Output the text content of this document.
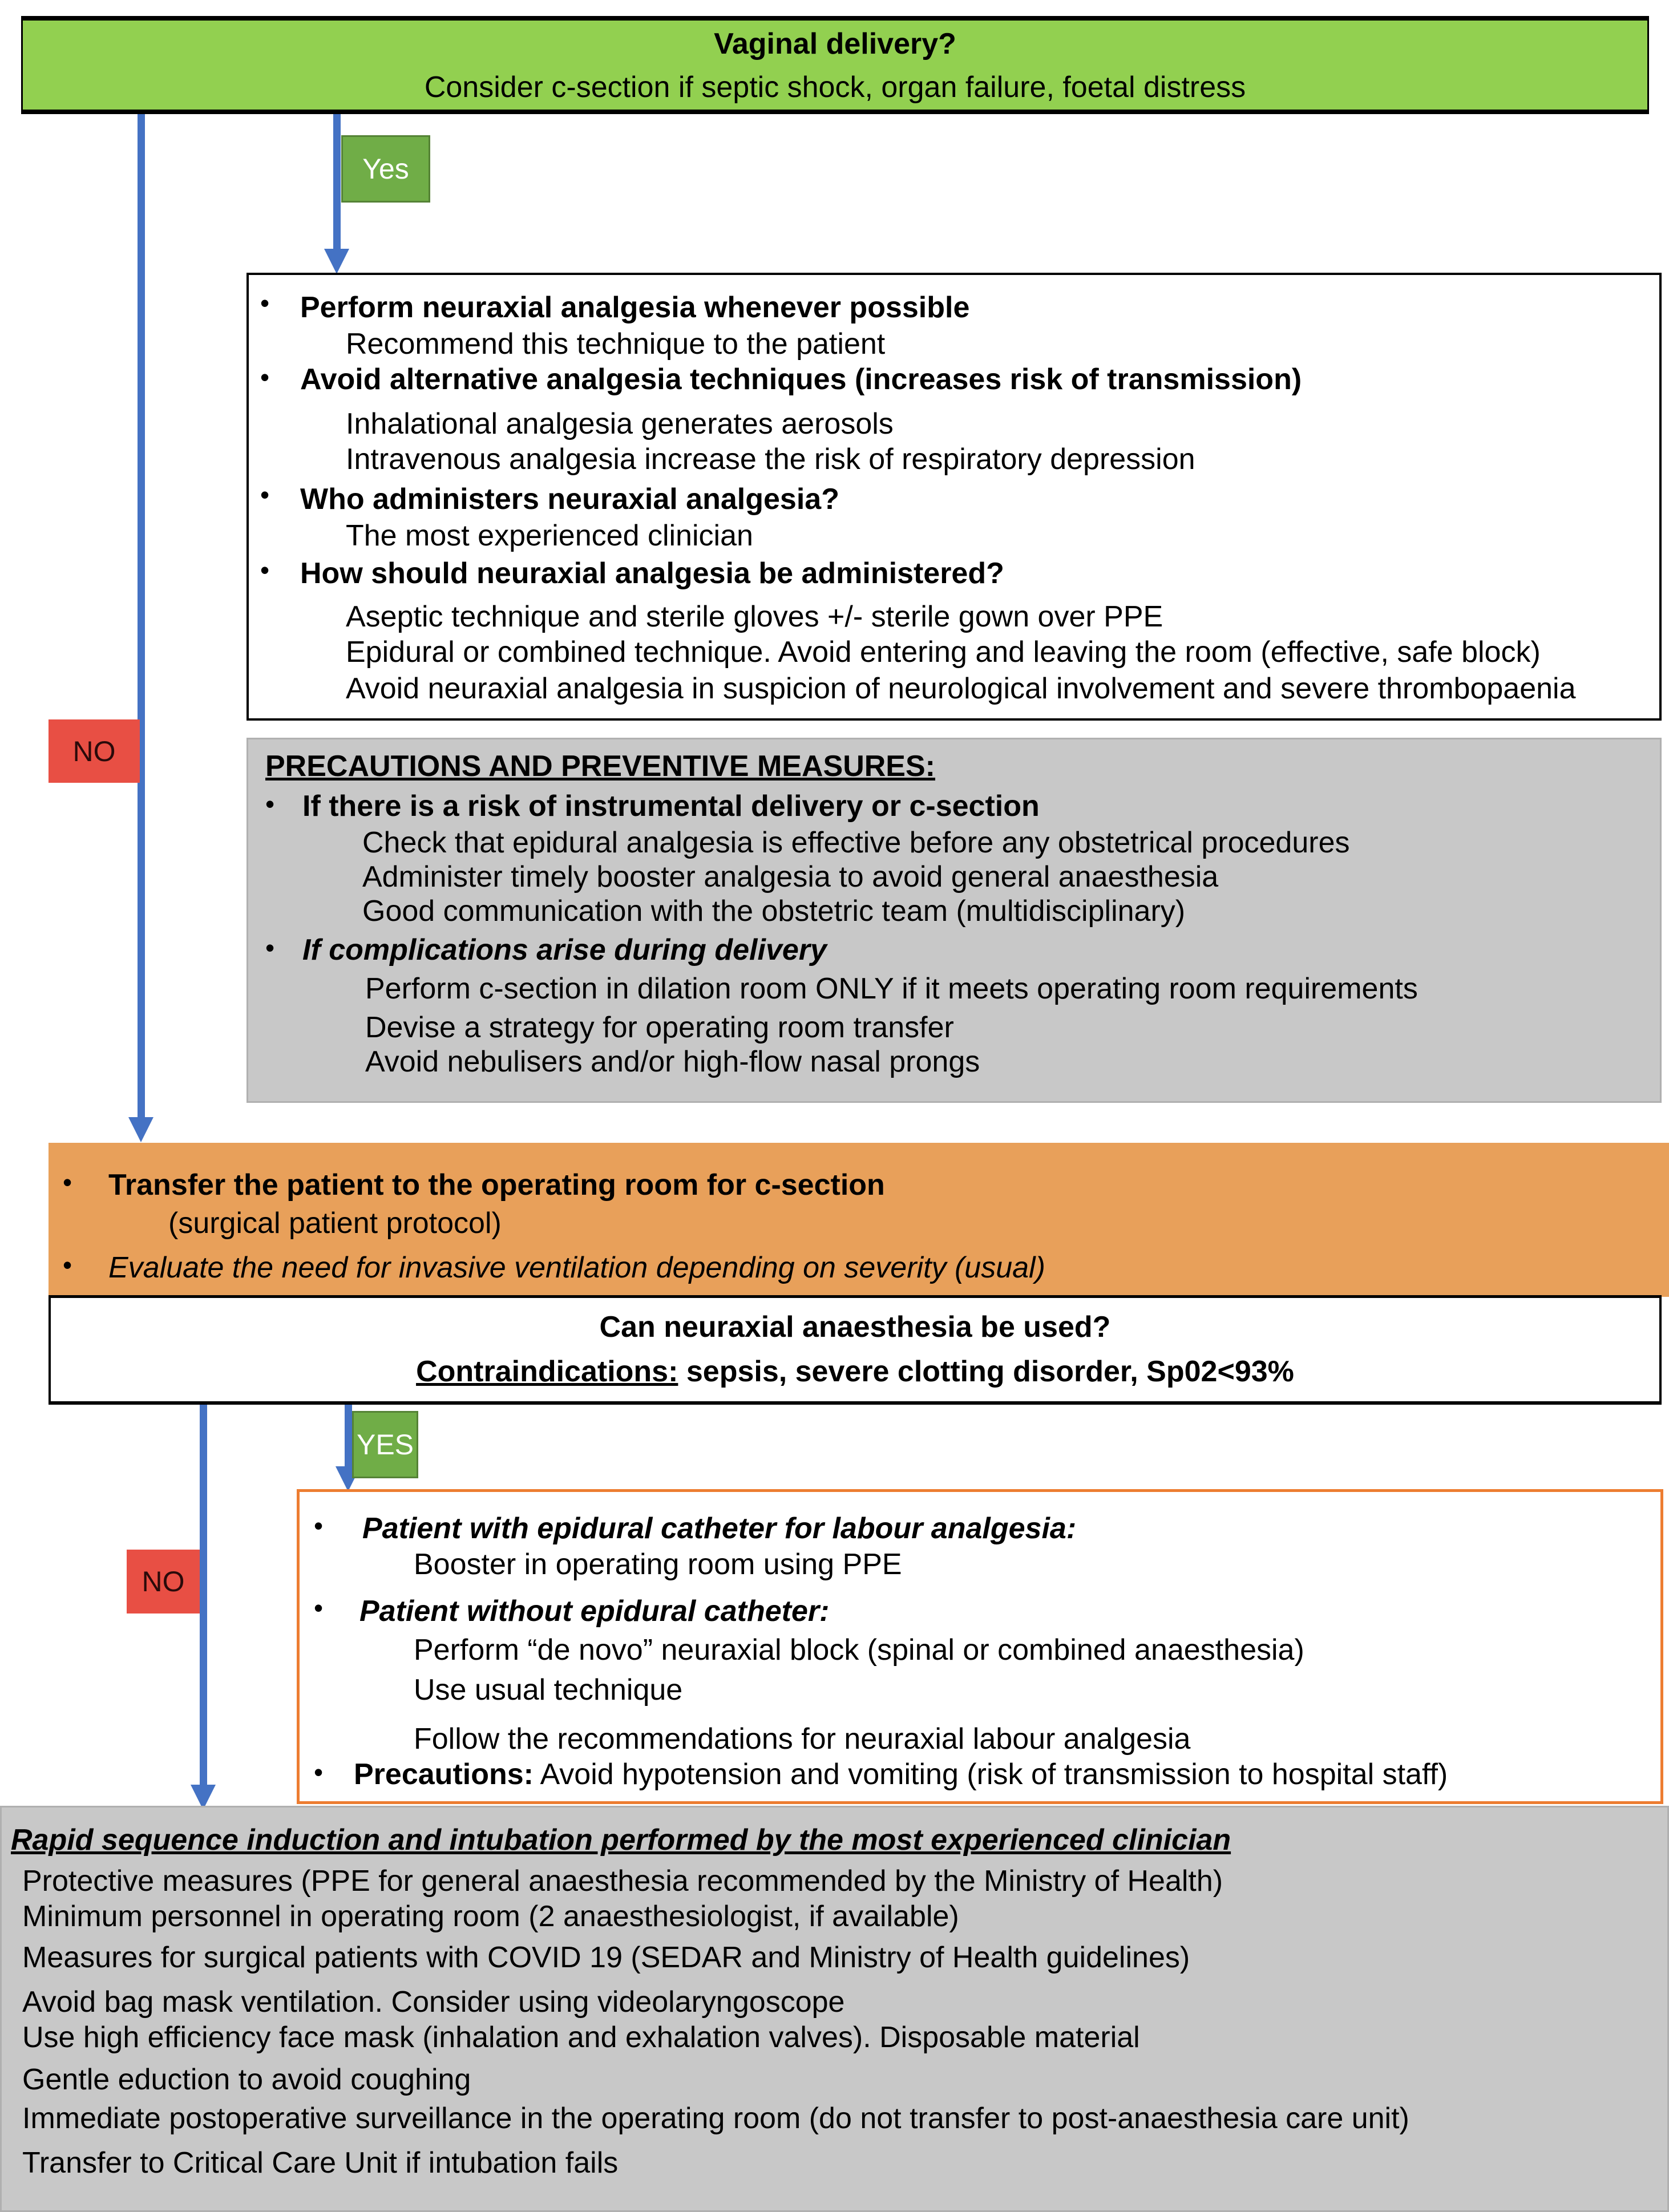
Vaginal delivery?
Consider c-section if septic shock, organ failure, foetal distress
Yes
NO
• Perform neuraxial analgesia whenever possible
Recommend this technique to the patient
• Avoid alternative analgesia techniques (increases risk of transmission)
Inhalational analgesia generates aerosols
Intravenous analgesia increase the risk of respiratory depression
• Who administers neuraxial analgesia?
The most experienced clinician
• How should neuraxial analgesia be administered?
Aseptic technique and sterile gloves +/- sterile gown over PPE
Epidural or combined technique. Avoid entering and leaving the room (effective, safe block)
Avoid neuraxial analgesia in suspicion of neurological involvement and severe thrombopaenia
PRECAUTIONS AND PREVENTIVE MEASURES:
• If there is a risk of instrumental delivery or c-section
Check that epidural analgesia is effective before any obstetrical procedures
Administer timely booster analgesia to avoid general anaesthesia
Good communication with the obstetric team (multidisciplinary)
• If complications arise during delivery
Perform c-section in dilation room ONLY if it meets operating room requirements
Devise a strategy for operating room transfer
Avoid nebulisers and/or high-flow nasal prongs
• Transfer the patient to the operating room for c-section
(surgical patient protocol)
• Evaluate the need for invasive ventilation depending on severity (usual)
Can neuraxial anaesthesia be used?
Contraindications: sepsis, severe clotting disorder, Sp02<93%
NO
YES
• Patient with epidural catheter for labour analgesia:
Booster in operating room using PPE
• Patient without epidural catheter:
Perform “de novo” neuraxial block (spinal or combined anaesthesia)
Use usual technique
Follow the recommendations for neuraxial labour analgesia
• Precautions: Avoid hypotension and vomiting (risk of transmission to hospital staff)
Rapid sequence induction and intubation performed by the most experienced clinician
Protective measures (PPE for general anaesthesia recommended by the Ministry of Health)
Minimum personnel in operating room (2 anaesthesiologist, if available)
Measures for surgical patients with COVID 19 (SEDAR and Ministry of Health guidelines)
Avoid bag mask ventilation. Consider using videolaryngoscope
Use high efficiency face mask (inhalation and exhalation valves). Disposable material
Gentle eduction to avoid coughing
Immediate postoperative surveillance in the operating room (do not transfer to post-anaesthesia care unit)
Transfer to Critical Care Unit if intubation fails
